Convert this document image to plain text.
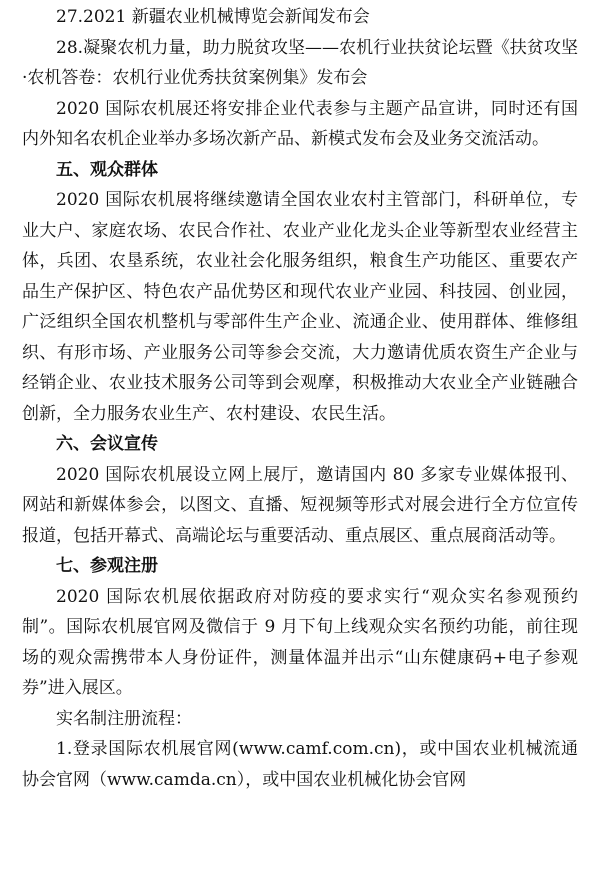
27.2021 新疆农业机械博览会新闻发布会

28.凝聚农机力量，助力脱贫攻坚——农机行业扶贫论坛暨《扶贫攻坚·农机答卷：农机行业优秀扶贫案例集》发布会

2020 国际农机展还将安排企业代表参与主题产品宣讲，同时还有国内外知名农机企业举办多场次新产品、新模式发布会及业务交流活动。

五、观众群体

2020 国际农机展将继续邀请全国农业农村主管部门，科研单位，专业大户、家庭农场、农民合作社、农业产业化龙头企业等新型农业经营主体，兵团、农垦系统，农业社会化服务组织，粮食生产功能区、重要农产品生产保护区、特色农产品优势区和现代农业产业园、科技园、创业园，广泛组织全国农机整机与零部件生产企业、流通企业、使用群体、维修组织、有形市场、产业服务公司等参会交流，大力邀请优质农资生产企业与经销企业、农业技术服务公司等到会观摩，积极推动大农业全产业链融合创新，全力服务农业生产、农村建设、农民生活。

六、会议宣传

2020 国际农机展设立网上展厅，邀请国内 80 多家专业媒体报刊、网站和新媒体参会，以图文、直播、短视频等形式对展会进行全方位宣传报道，包括开幕式、高端论坛与重要活动、重点展区、重点展商活动等。

七、参观注册

2020 国际农机展依据政府对防疫的要求实行“观众实名参观预约制”。国际农机展官网及微信于 9 月下旬上线观众实名预约功能，前往现场的观众需携带本人身份证件，测量体温并出示“山东健康码+电子参观券”进入展区。

实名制注册流程：

1.登录国际农机展官网(www.camf.com.cn)，或中国农业机械流通协会官网（www.camda.cn），或中国农业机械化协会官网
